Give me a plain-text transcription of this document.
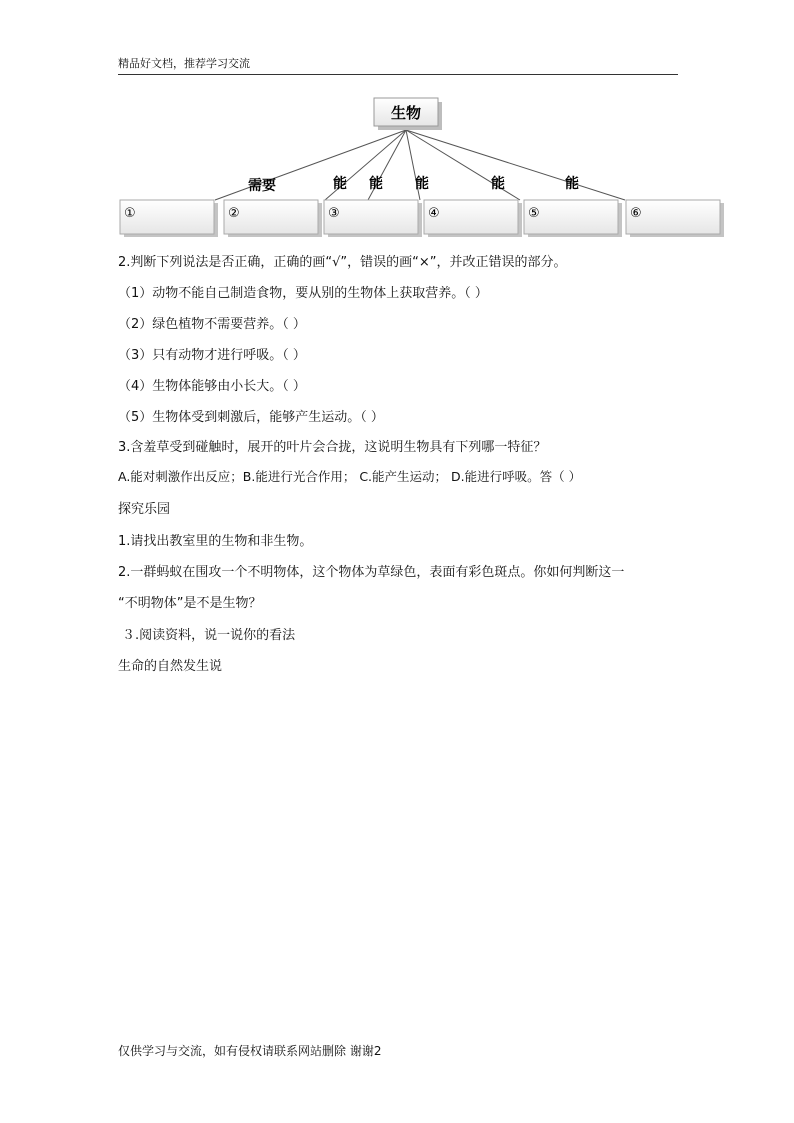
精品好文档，推荐学习交流
生物
需要	能 能 能	能	能
①	②	③	④	⑤	⑥
2.判断下列说法是否正确，正确的画“√”，错误的画“×”，并改正错误的部分。
（1）动物不能自己制造食物，要从别的生物体上获取营养。（ ）
（2）绿色植物不需要营养。（ ）
（3）只有动物才进行呼吸。（ ）
（4）生物体能够由小长大。（ ）
（5）生物体受到刺激后，能够产生运动。（ ）
3.含羞草受到碰触时，展开的叶片会合拢，这说明生物具有下列哪一特征？
A.能对刺激作出反应；B.能进行光合作用； C.能产生运动； D.能进行呼吸。答（ ）
探究乐园
1.请找出教室里的生物和非生物。
2.一群蚂蚁在围攻一个不明物体，这个物体为草绿色，表面有彩色斑点。你如何判断这一
“不明物体”是不是生物？
３.阅读资料，说一说你的看法
生命的自然发生说
仅供学习与交流，如有侵权请联系网站删除 谢谢2
